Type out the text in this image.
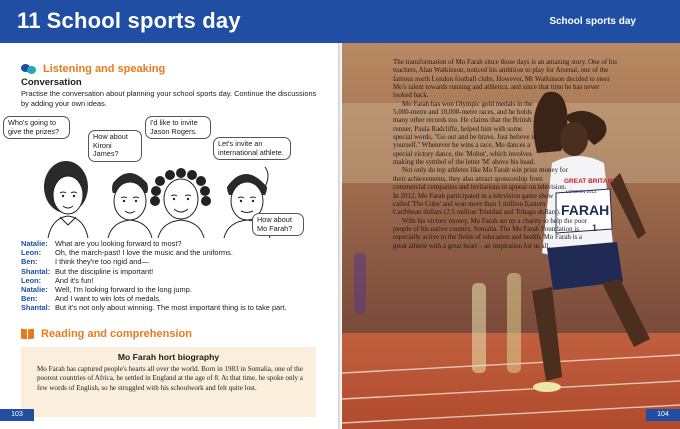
11 School sports day	School sports day
Listening and speaking
Conversation
Practise the conversation about planning your school sports day. Continue the discussions by adding your own ideas.
Who's going to give the prizes?
How about Kironi James?
I'd like to invite Jason Rogers.
Let's invite an international athlete.
How about Mo Farah?
Natalie: What are you looking forward to most?
Leon:	Oh, the march-past! I love the music and the uniforms.
Ben:	I think they're too rigid and—
Shantal: But the discipline is important!
Leon:	And it's fun!
Natalie: Well, I'm looking forward to the long jump.
Ben:	And I want to win lots of medals.
Shantal: But it's not only about winning. The most important thing is to take part.
Reading and comprehension
Mo Farah hort biography
Mo Farah has captured people's hearts all over the world. Born in 1983 in Somalia, one of the poorest countries of Africa, he settled in England at the age of 8. At that time, he spoke only a few words of English, so he struggled with his schoolwork and felt quite lost.
103
GREAT BRITAIN
LONDON 2012
FARAH
1

The transformation of Mo Farah since those days is an amazing story. One of his teachers, Alan Watkinson, noticed his ambition to play for Arsenal, one of the famous north London football clubs. However, Mr Watkinson decided to steer Mo's talent towards running and athletics, and since that time he has never looked back.

Mo Farah has won Olympic gold medals in the 5,000-metre and 10,000-metre races, and he holds many other records too. He claims that the British runner, Paula Radcliffe, helped him with some special words, "Go out and be brave. Just believe in yourself." Whenever he wins a race, Mo dances a special victory dance, the 'Mobot', which involves making the symbol of the letter 'M' above his head.

Not only do top athletes like Mo Farah win prize money for their achievements, they also attract sponsorship from commercial companies and invitations to appear on television. In 2012, Mo Farah participated in a television game show called 'The Cube' and won more than 1 million Eastern Caribbean dollars (2.5 million Trinidad and Tobago dollars).

With his victory money, Mo Farah set up a charity to help the poor people of his native country, Somalia. The Mo Farah Foundation is especially active in the fields of education and health. Mo Farah is a great athlete with a great heart – an inspiration for us all.

104
